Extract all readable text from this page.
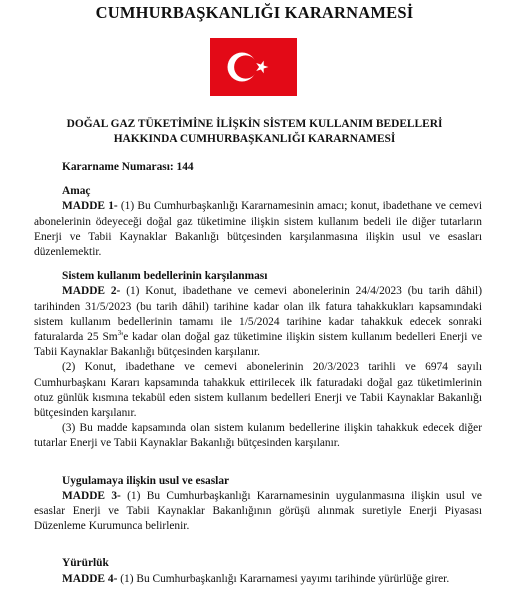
CUMHURBAŞKANLIĞI KARARNAMESİ
DOĞAL GAZ TÜKETİMİNE İLİŞKİN SİSTEM KULLANIM BEDELLERİ
HAKKINDA CUMHURBAŞKANLIĞI KARARNAMESİ

Kararname Numarası: 144

Amaç

MADDE 1- (1) Bu Cumhurbaşkanlığı Kararnamesinin amacı; konut, ibadethane ve cemevi abonelerinin ödeyeceği doğal gaz tüketimine ilişkin sistem kullanım bedeli ile diğer tutarların Enerji ve Tabii Kaynaklar Bakanlığı bütçesinden karşılanmasına ilişkin usul ve esasları düzenlemektir.

Sistem kullanım bedellerinin karşılanması

MADDE 2- (1) Konut, ibadethane ve cemevi abonelerinin 24/4/2023 (bu tarih dâhil) tarihinden 31/5/2023 (bu tarih dâhil) tarihine kadar olan ilk fatura tahakkukları kapsamındaki sistem kullanım bedellerinin tamamı ile 1/5/2024 tarihine kadar tahakkuk edecek sonraki faturalarda 25 Sm$^3$'e kadar olan doğal gaz tüketimine ilişkin sistem kullanım bedelleri Enerji ve Tabii Kaynaklar Bakanlığı bütçesinden karşılanır.

(2) Konut, ibadethane ve cemevi abonelerinin 20/3/2023 tarihli ve 6974 sayılı Cumhurbaşkanı Kararı kapsamında tahakkuk ettirilecek ilk faturadaki doğal gaz tüketimlerinin otuz günlük kısmına tekabül eden sistem kullanım bedelleri Enerji ve Tabii Kaynaklar Bakanlığı bütçesinden karşılanır.

(3) Bu madde kapsamında olan sistem kulanım bedellerine ilişkin tahakkuk edecek diğer tutarlar Enerji ve Tabii Kaynaklar Bakanlığı bütçesinden karşılanır.

Uygulamaya ilişkin usul ve esaslar

MADDE 3- (1) Bu Cumhurbaşkanlığı Kararnamesinin uygulanmasına ilişkin usul ve esaslar Enerji ve Tabii Kaynaklar Bakanlığının görüşü alınmak suretiyle Enerji Piyasası Düzenleme Kurumunca belirlenir.

Yürürlük

MADDE 4- (1) Bu Cumhurbaşkanlığı Kararnamesi yayımı tarihinde yürürlüğe girer.
